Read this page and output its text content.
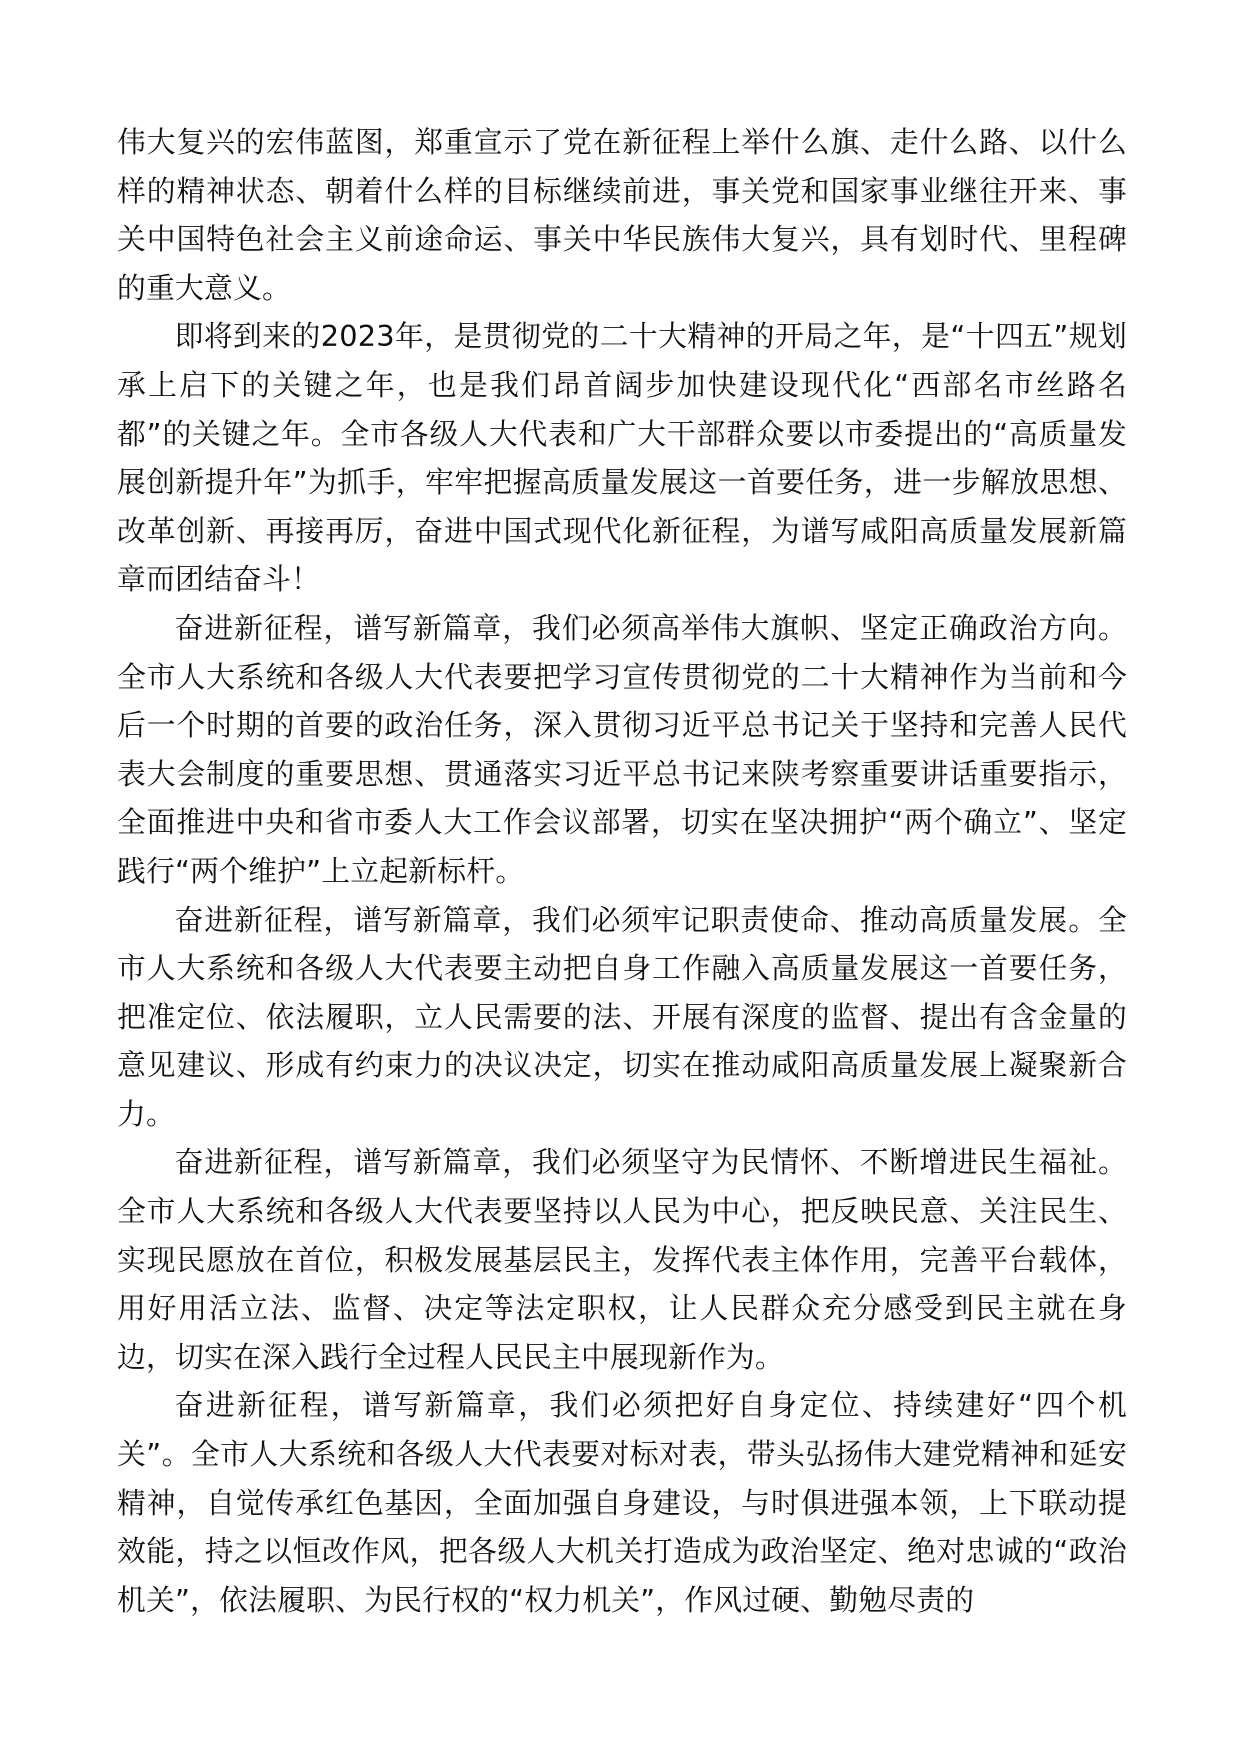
伟大复兴的宏伟蓝图，郑重宣示了党在新征程上举什么旗、走什么路、以什么样的精神状态、朝着什么样的目标继续前进，事关党和国家事业继往开来、事关中国特色社会主义前途命运、事关中华民族伟大复兴，具有划时代、里程碑的重大意义。

即将到来的2023年，是贯彻党的二十大精神的开局之年，是“十四五”规划承上启下的关键之年，也是我们昂首阔步加快建设现代化“西部名市丝路名都”的关键之年。全市各级人大代表和广大干部群众要以市委提出的“高质量发展创新提升年”为抓手，牢牢把握高质量发展这一首要任务，进一步解放思想、改革创新、再接再厉，奋进中国式现代化新征程，为谱写咸阳高质量发展新篇章而团结奋斗！

奋进新征程，谱写新篇章，我们必须高举伟大旗帜、坚定正确政治方向。全市人大系统和各级人大代表要把学习宣传贯彻党的二十大精神作为当前和今后一个时期的首要的政治任务，深入贯彻习近平总书记关于坚持和完善人民代表大会制度的重要思想、贯通落实习近平总书记来陕考察重要讲话重要指示，全面推进中央和省市委人大工作会议部署，切实在坚决拥护“两个确立”、坚定践行“两个维护”上立起新标杆。

奋进新征程，谱写新篇章，我们必须牢记职责使命、推动高质量发展。全市人大系统和各级人大代表要主动把自身工作融入高质量发展这一首要任务，把准定位、依法履职，立人民需要的法、开展有深度的监督、提出有含金量的意见建议、形成有约束力的决议决定，切实在推动咸阳高质量发展上凝聚新合力。

奋进新征程，谱写新篇章，我们必须坚守为民情怀、不断增进民生福祉。全市人大系统和各级人大代表要坚持以人民为中心，把反映民意、关注民生、实现民愿放在首位，积极发展基层民主，发挥代表主体作用，完善平台载体，用好用活立法、监督、决定等法定职权，让人民群众充分感受到民主就在身边，切实在深入践行全过程人民民主中展现新作为。

奋进新征程，谱写新篇章，我们必须把好自身定位、持续建好“四个机关”。全市人大系统和各级人大代表要对标对表，带头弘扬伟大建党精神和延安精神，自觉传承红色基因，全面加强自身建设，与时俱进强本领，上下联动提效能，持之以恒改作风，把各级人大机关打造成为政治坚定、绝对忠诚的“政治机关”，依法履职、为民行权的“权力机关”，作风过硬、勤勉尽责的
